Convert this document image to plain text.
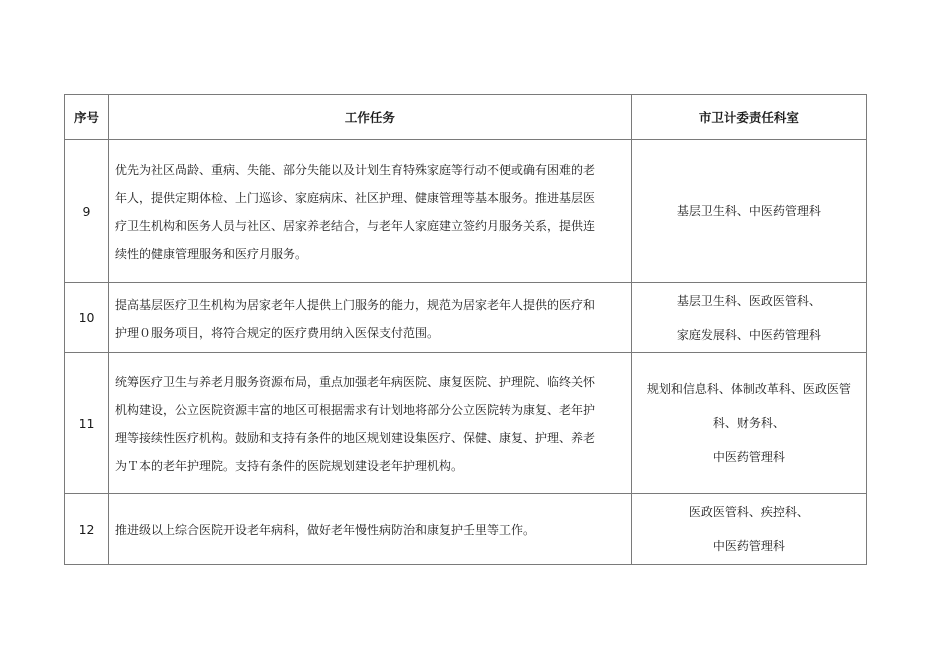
序号	工作任务	市卫计委责任科室
9	优先为社区咼龄、重病、失能、部分失能以及计划生育特殊家庭等行动不便或确有困难的老
年人，提供定期体检、上门巡诊、家庭病床、社区护理、健康管理等基本服务。推进基层医
疗卫生机构和医务人员与社区、居家养老结合，与老年人家庭建立签约月服务关系，提供连
续性的健康管理服务和医疗月服务。	基层卫生科、中医药管理科

10	提高基层医疗卫生机构为居家老年人提供上门服务的能力，规范为居家老年人提供的医疗和
护理０服务项目，将符合规定的医疗费用纳入医保支付范围。	基层卫生科、医政医管科、
家庭发展科、中医药管理科

11	统筹医疗卫生与养老月服务资源布局，重点加强老年病医院、康复医院、护理院、临终关怀
机构建设，公立医院资源丰富的地区可根据需求有计划地将部分公立医院转为康复、老年护
理等接续性医疗机构。鼓励和支持有条件的地区规划建设集医疗、保健、康复、护理、养老
为Ｔ本的老年护理院。支持有条件的医院规划建设老年护理机构。	规划和信息科、体制改革科、医政医管
科、财务科、
中医药管理科

12	推进级以上综合医院开设老年病科，做好老年慢性病防治和康复护壬里等工作。	医政医管科、疾控科、
中医药管理科
